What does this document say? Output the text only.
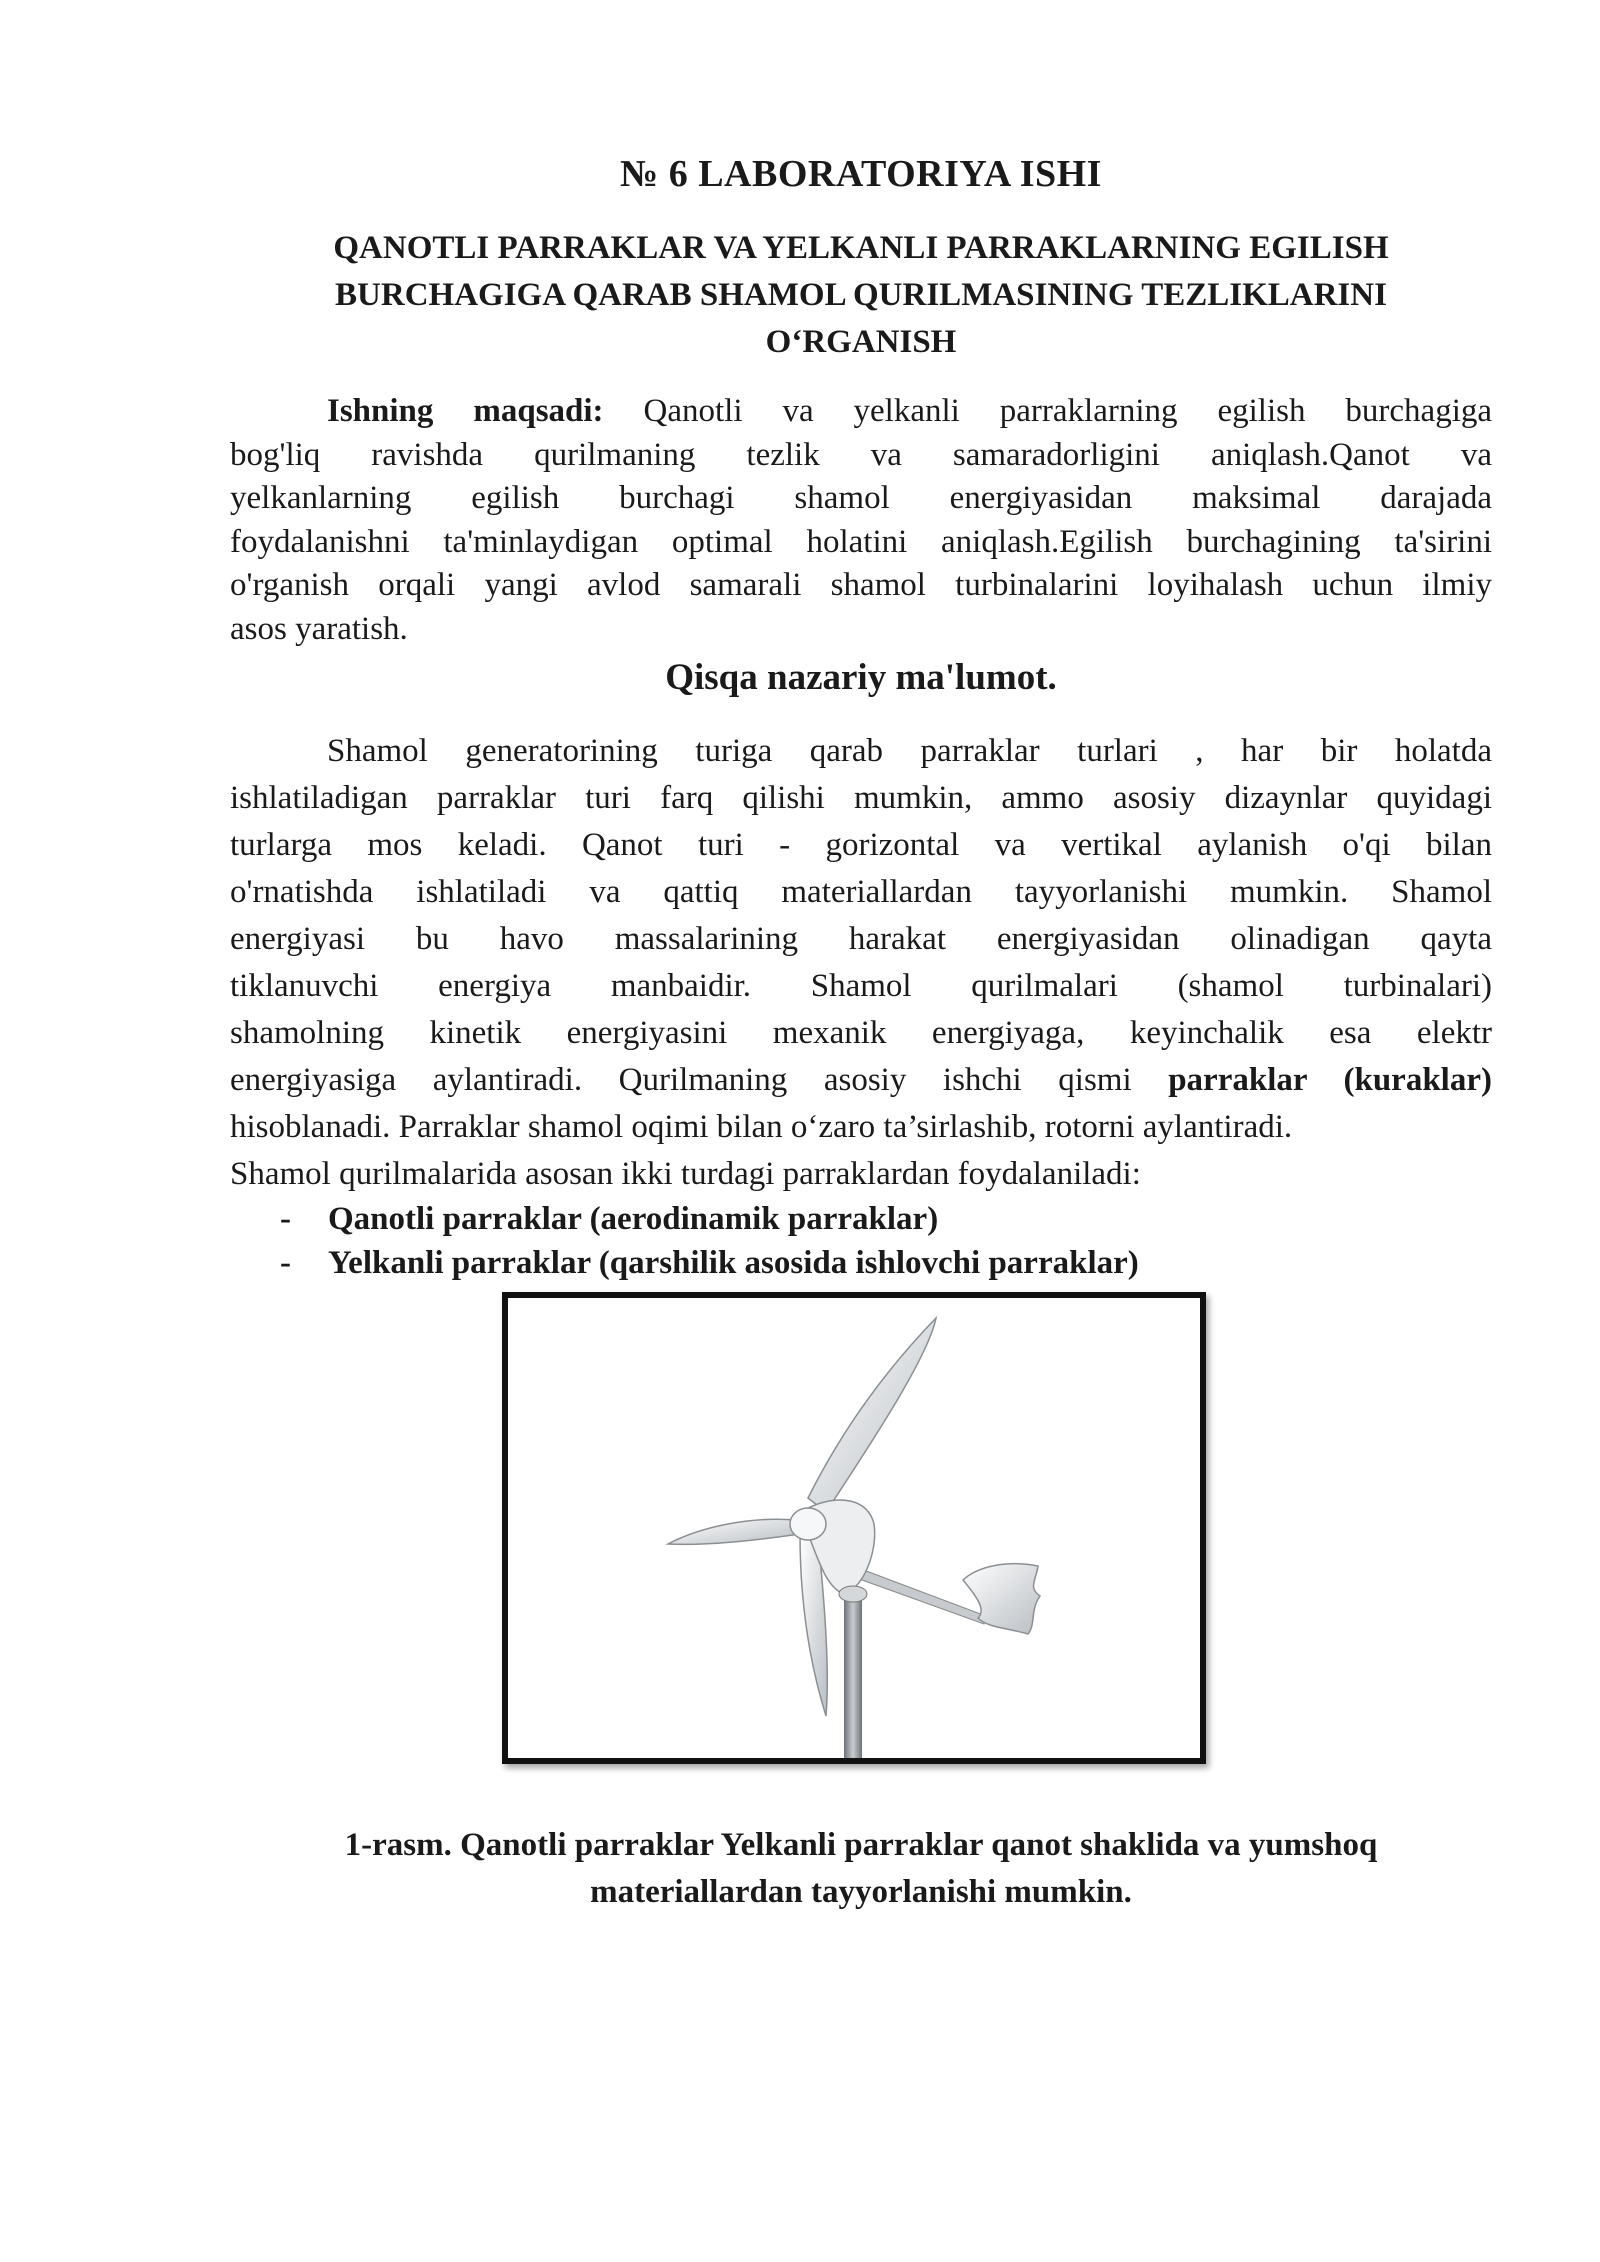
№ 6 LABORATORIYA ISHI
QANOTLI PARRAKLAR VA YELKANLI PARRAKLARNING EGILISH
BURCHAGIGA QARAB SHAMOL QURILMASINING TEZLIKLARINI
O‘RGANISH
Ishning maqsadi: Qanotli va yelkanli parraklarning egilish burchagiga
bog'liq ravishda qurilmaning tezlik va samaradorligini aniqlash.Qanot va
yelkanlarning egilish burchagi shamol energiyasidan maksimal darajada
foydalanishni ta'minlaydigan optimal holatini aniqlash.Egilish burchagining ta'sirini
o'rganish orqali yangi avlod samarali shamol turbinalarini loyihalash uchun ilmiy
asos yaratish.
Qisqa nazariy ma'lumot.
Shamol generatorining turiga qarab parraklar turlari , har bir holatda
ishlatiladigan parraklar turi farq qilishi mumkin, ammo asosiy dizaynlar quyidagi
turlarga mos keladi. Qanot turi - gorizontal va vertikal aylanish o'qi bilan
o'rnatishda ishlatiladi va qattiq materiallardan tayyorlanishi mumkin. Shamol
energiyasi bu havo massalarining harakat energiyasidan olinadigan qayta
tiklanuvchi energiya manbaidir. Shamol qurilmalari (shamol turbinalari)
shamolning kinetik energiyasini mexanik energiyaga, keyinchalik esa elektr
energiyasiga aylantiradi. Qurilmaning asosiy ishchi qismi parraklar (kuraklar)
hisoblanadi. Parraklar shamol oqimi bilan o‘zaro ta’sirlashib, rotorni aylantiradi.
Shamol qurilmalarida asosan ikki turdagi parraklardan foydalaniladi:
-	Qanotli parraklar (aerodinamik parraklar)
-	Yelkanli parraklar (qarshilik asosida ishlovchi parraklar)
1-rasm. Qanotli parraklar Yelkanli parraklar qanot shaklida va yumshoq
materiallardan tayyorlanishi mumkin.
